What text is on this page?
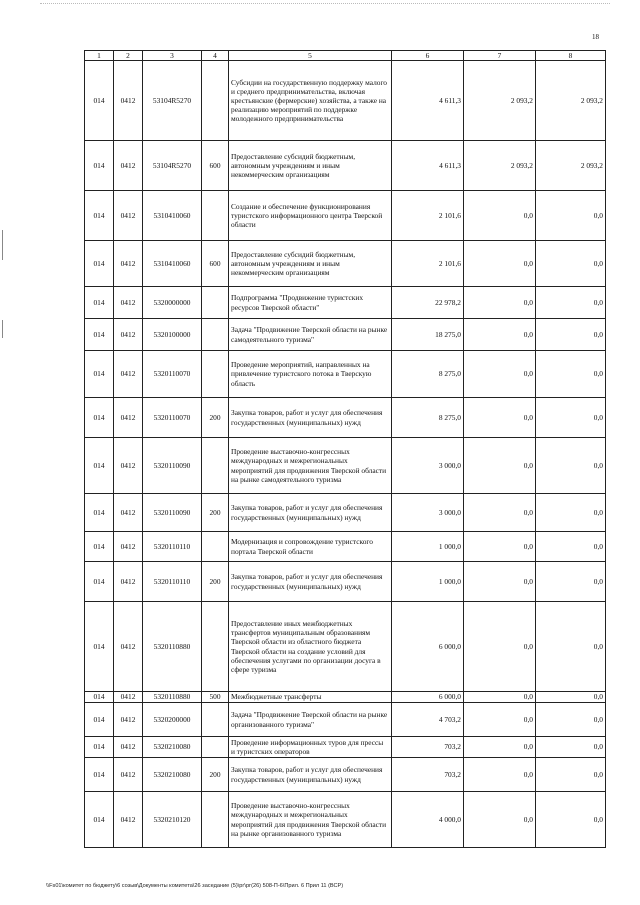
18
1	2	3	4	5	6	7	8
014	0412	53104R5270		Субсидии на государственную поддержку малого и среднего предпринимательства, включая крестьянские (фермерские) хозяйства, а также на реализацию мероприятий по поддержке молодежного предпринимательства	4 611,3	2 093,2	2 093,2
014	0412	53104R5270	600	Предоставление субсидий бюджетным, автономным учреждениям и иным некоммерческим организациям	4 611,3	2 093,2	2 093,2
014	0412	5310410060		Создание и обеспечение функционирования туристского информационного центра Тверской области	2 101,6	0,0	0,0
014	0412	5310410060	600	Предоставление субсидий бюджетным, автономным учреждениям и иным некоммерческим организациям	2 101,6	0,0	0,0
014	0412	5320000000		Подпрограмма "Продвижение туристских ресурсов Тверской области"	22 978,2	0,0	0,0
014	0412	5320100000		Задача "Продвижение Тверской области на рынке самодеятельного туризма"	18 275,0	0,0	0,0
014	0412	5320110070		Проведение мероприятий, направленных на привлечение туристского потока в Тверскую область	8 275,0	0,0	0,0
014	0412	5320110070	200	Закупка товаров, работ и услуг для обеспечения государственных (муниципальных) нужд	8 275,0	0,0	0,0
014	0412	5320110090		Проведение выставочно-конгрессных международных и межрегиональных мероприятий для продвижения Тверской области на рынке самодеятельного туризма	3 000,0	0,0	0,0
014	0412	5320110090	200	Закупка товаров, работ и услуг для обеспечения государственных (муниципальных) нужд	3 000,0	0,0	0,0
014	0412	5320110110		Модернизация и сопровождение туристского портала Тверской области	1 000,0	0,0	0,0
014	0412	5320110110	200	Закупка товаров, работ и услуг для обеспечения государственных (муниципальных) нужд	1 000,0	0,0	0,0
014	0412	5320110880		Предоставление иных межбюджетных трансфертов муниципальным образованиям Тверской области из областного бюджета Тверской области на создание условий для обеспечения услугами по организации досуга в сфере туризма	6 000,0	0,0	0,0
014	0412	5320110880	500	Межбюджетные трансферты	6 000,0	0,0	0,0
014	0412	5320200000		Задача "Продвижение Тверской области на рынке организованного туризма"	4 703,2	0,0	0,0
014	0412	5320210080		Проведение информационных туров для прессы и туристских операторов	703,2	0,0	0,0
014	0412	5320210080	200	Закупка товаров, работ и услуг для обеспечения государственных (муниципальных) нужд	703,2	0,0	0,0
014	0412	5320210120		Проведение выставочно-конгрессных международных и межрегиональных мероприятий для продвижения Тверской области на рынке организованного туризма	4 000,0	0,0	0,0
\\Fs01\комитет по бюджету\6 созыв\Документы комитета\26 заседание (5)\рг\рг(26) 508-П-6\Прил. 6 Прил 11 (ВСР)
